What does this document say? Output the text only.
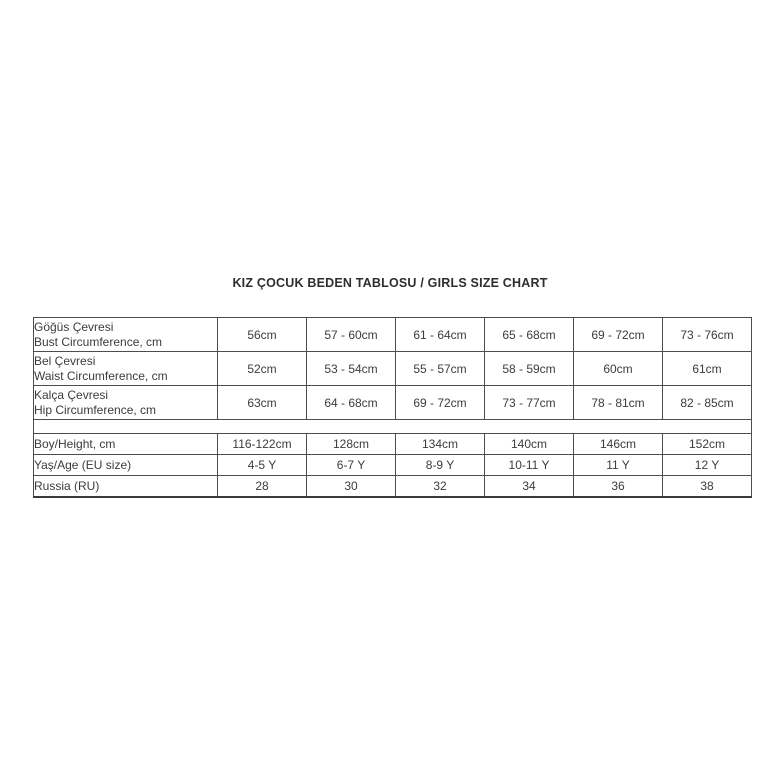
KIZ ÇOCUK BEDEN TABLOSU / GIRLS SIZE CHART
Göğüs Çevresi
Bust Circumference, cm	56cm	57 - 60cm	61 - 64cm	65 - 68cm	69 - 72cm	73 - 76cm

Bel Çevresi
Waist Circumference, cm	52cm	53 - 54cm	55 - 57cm	58 - 59cm	60cm	61cm

Kalça Çevresi
Hip Circumference, cm	63cm	64 - 68cm	69 - 72cm	73 - 77cm	78 - 81cm	82 - 85cm

Boy/Height, cm	116-122cm	128cm	134cm	140cm	146cm	152cm
Yaş/Age (EU size)	4-5 Y	6-7 Y	8-9 Y	10-11 Y	11 Y	12 Y
Russia (RU)	28	30	32	34	36	38
